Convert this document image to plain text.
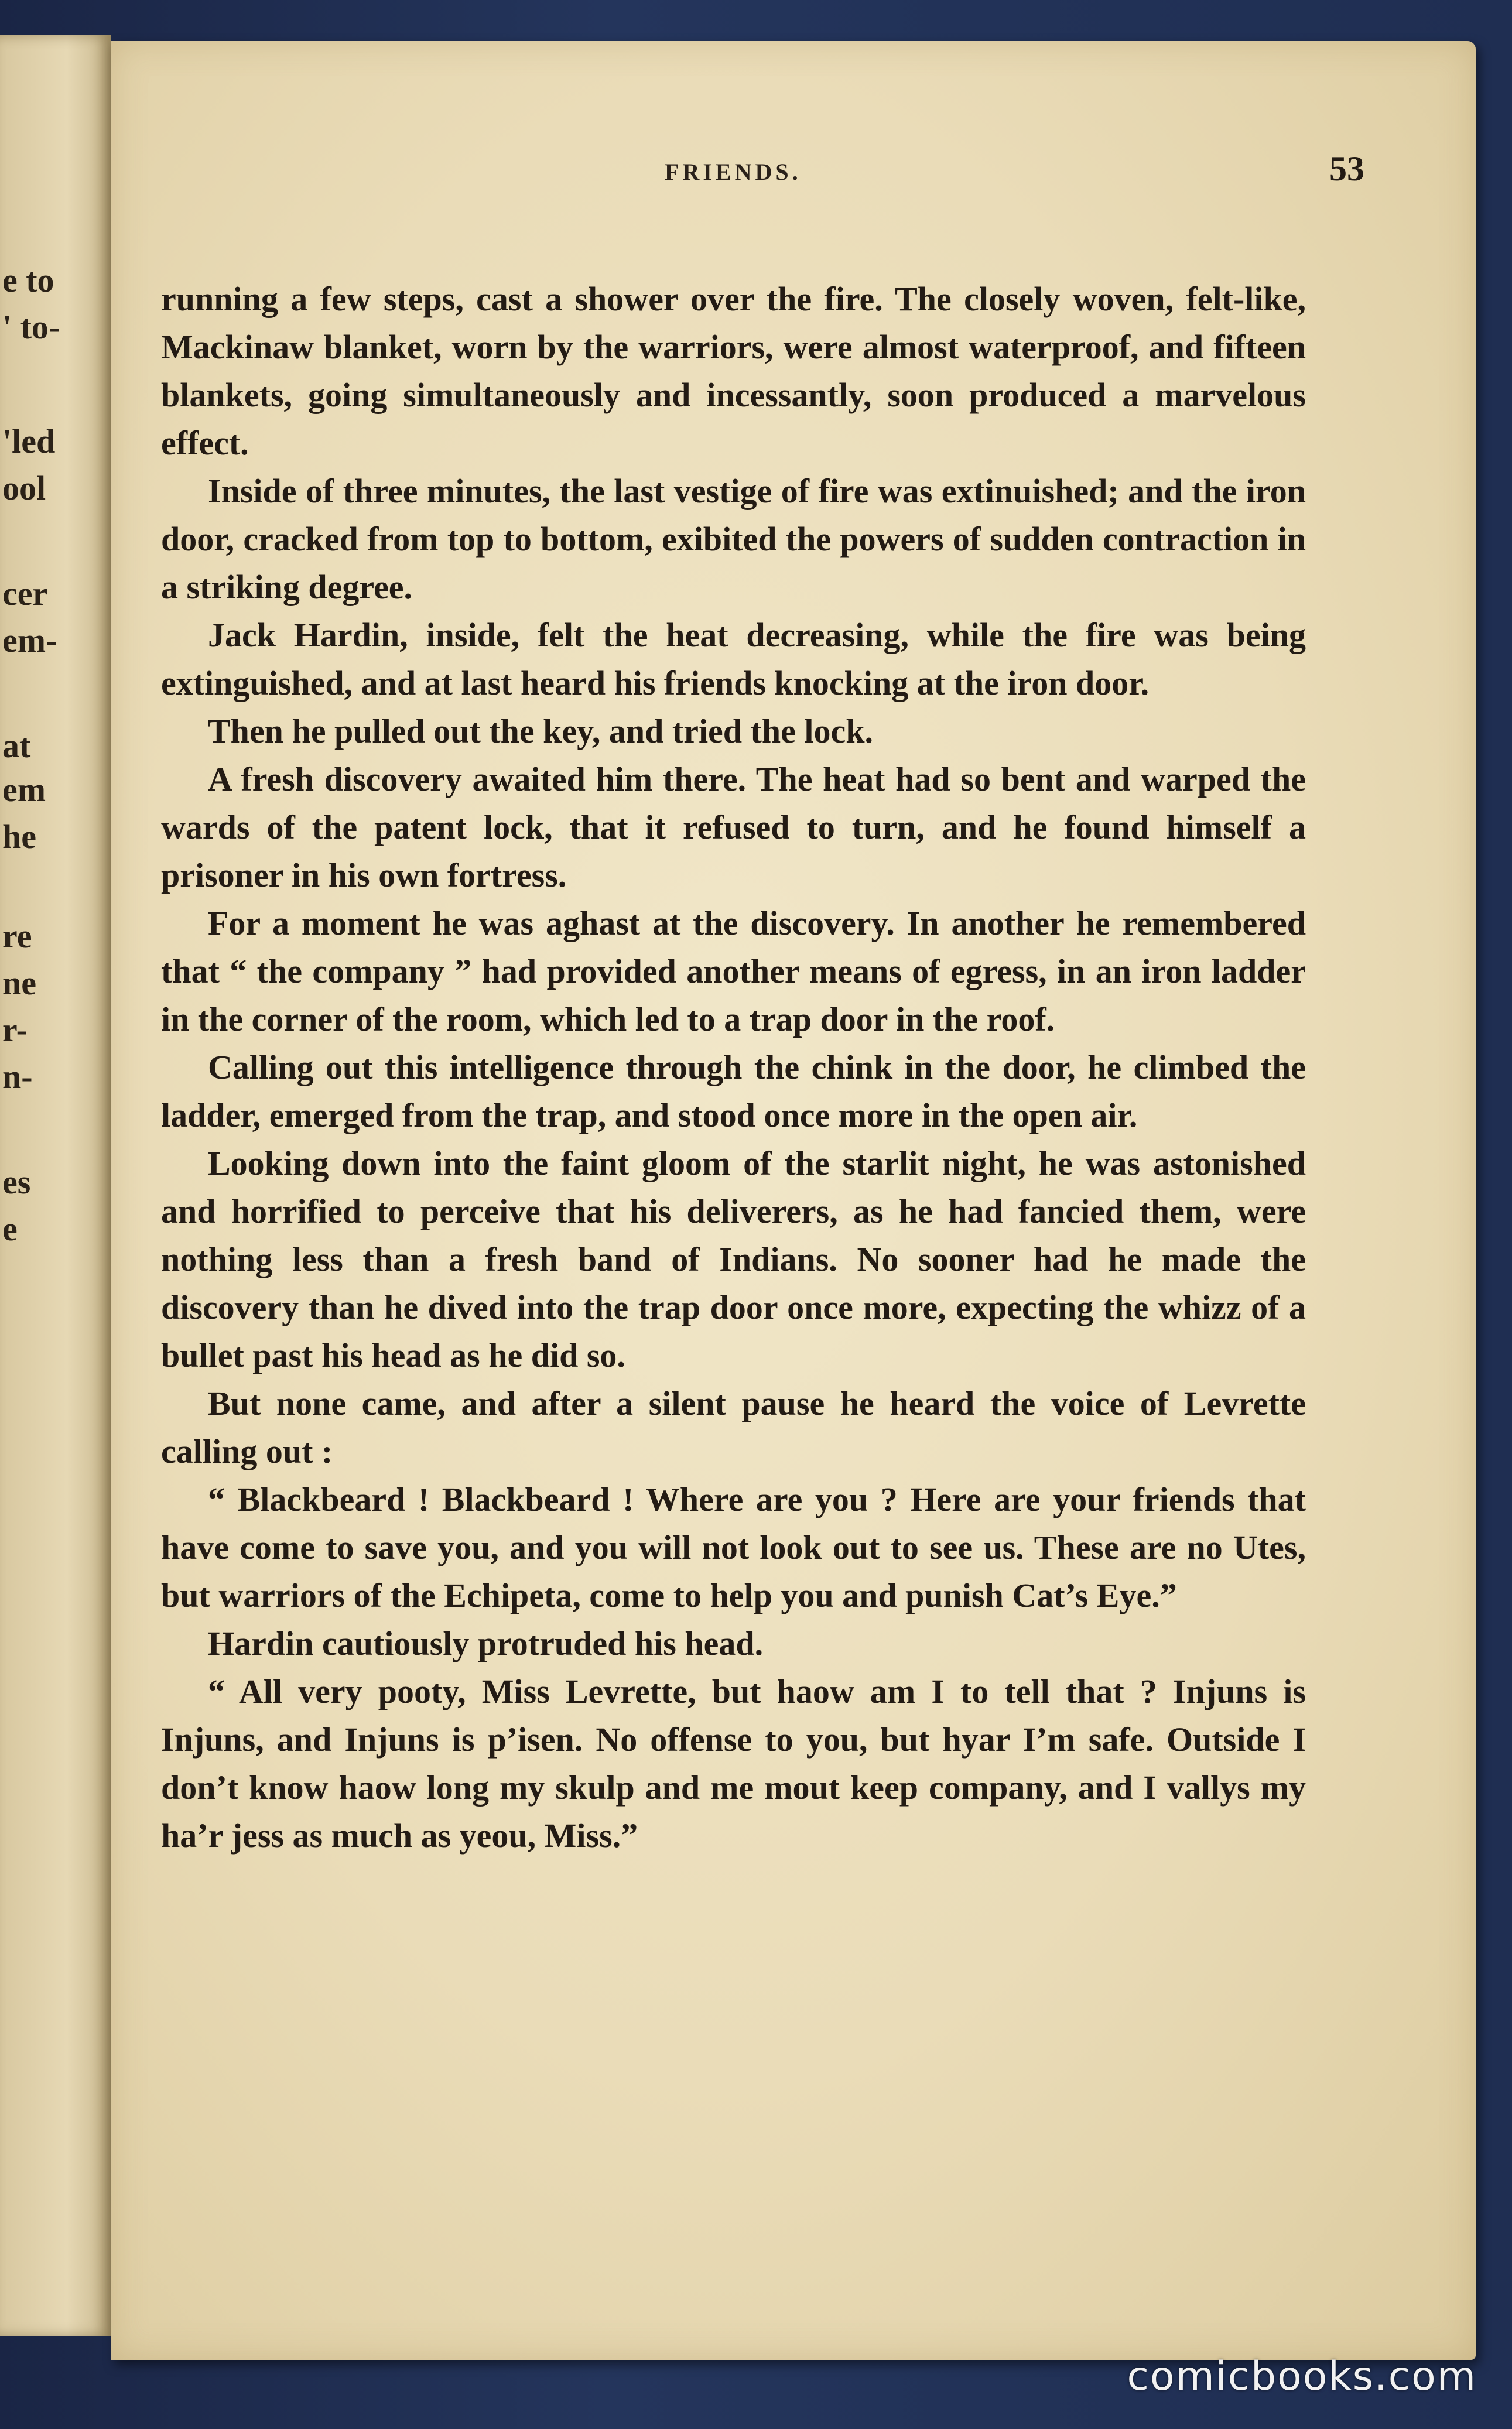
e to
' to-
'led
ool
cer
em-
at
em
he
re
ne
r-
n-
es
e
FRIENDS.	53

running a few steps, cast a shower over the fire. The closely woven, felt-like, Mackinaw blanket, worn by the warriors, were almost waterproof, and fifteen blankets, going simultaneously and incessantly, soon produced a marvelous effect.

Inside of three minutes, the last vestige of fire was extinuished; and the iron door, cracked from top to bottom, exibited the powers of sudden contraction in a striking degree.

Jack Hardin, inside, felt the heat decreasing, while the fire was being extinguished, and at last heard his friends knocking at the iron door.

Then he pulled out the key, and tried the lock.

A fresh discovery awaited him there. The heat had so bent and warped the wards of the patent lock, that it refused to turn, and he found himself a prisoner in his own fortress.

For a moment he was aghast at the discovery. In another he remembered that “ the company ” had provided another means of egress, in an iron ladder in the corner of the room, which led to a trap door in the roof.

Calling out this intelligence through the chink in the door, he climbed the ladder, emerged from the trap, and stood once more in the open air.

Looking down into the faint gloom of the starlit night, he was astonished and horrified to perceive that his deliverers, as he had fancied them, were nothing less than a fresh band of Indians. No sooner had he made the discovery than he dived into the trap door once more, expecting the whizz of a bullet past his head as he did so.

But none came, and after a silent pause he heard the voice of Levrette calling out :

“ Blackbeard ! Blackbeard ! Where are you ? Here are your friends that have come to save you, and you will not look out to see us. These are no Utes, but warriors of the Echipeta, come to help you and punish Cat’s Eye.”

Hardin cautiously protruded his head.

“ All very pooty, Miss Levrette, but haow am I to tell that ? Injuns is Injuns, and Injuns is p’isen. No offense to you, but hyar I’m safe. Outside I don’t know haow long my skulp and me mout keep company, and I vallys my ha’r jess as much as yeou, Miss.”

comicbooks.com
